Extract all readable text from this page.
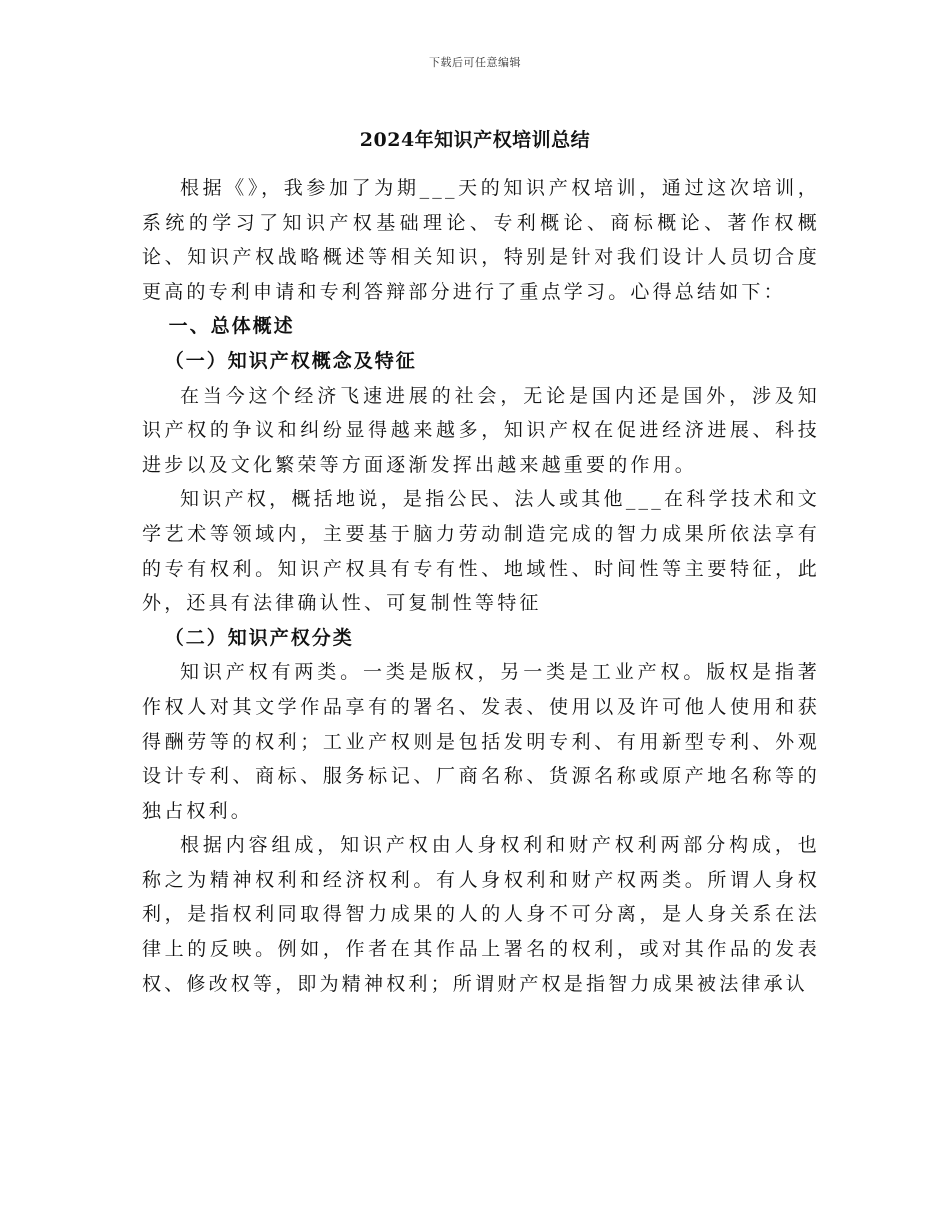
下载后可任意编辑
2024年知识产权培训总结

根据《》，我参加了为期___天的知识产权培训，通过这次培训，系统的学习了知识产权基础理论、专利概论、商标概论、著作权概论、知识产权战略概述等相关知识，特别是针对我们设计人员切合度更高的专利申请和专利答辩部分进行了重点学习。心得总结如下：

一、总体概述

（一）知识产权概念及特征

在当今这个经济飞速进展的社会，无论是国内还是国外，涉及知识产权的争议和纠纷显得越来越多，知识产权在促进经济进展、科技进步以及文化繁荣等方面逐渐发挥出越来越重要的作用。

知识产权，概括地说，是指公民、法人或其他___在科学技术和文学艺术等领域内，主要基于脑力劳动制造完成的智力成果所依法享有的专有权利。知识产权具有专有性、地域性、时间性等主要特征，此外，还具有法律确认性、可复制性等特征

（二）知识产权分类

知识产权有两类。一类是版权，另一类是工业产权。版权是指著作权人对其文学作品享有的署名、发表、使用以及许可他人使用和获得酬劳等的权利；工业产权则是包括发明专利、有用新型专利、外观设计专利、商标、服务标记、厂商名称、货源名称或原产地名称等的独占权利。

根据内容组成，知识产权由人身权利和财产权利两部分构成，也称之为精神权利和经济权利。有人身权利和财产权两类。所谓人身权利，是指权利同取得智力成果的人的人身不可分离，是人身关系在法律上的反映。例如，作者在其作品上署名的权利，或对其作品的发表权、修改权等，即为精神权利；所谓财产权是指智力成果被法律承认
